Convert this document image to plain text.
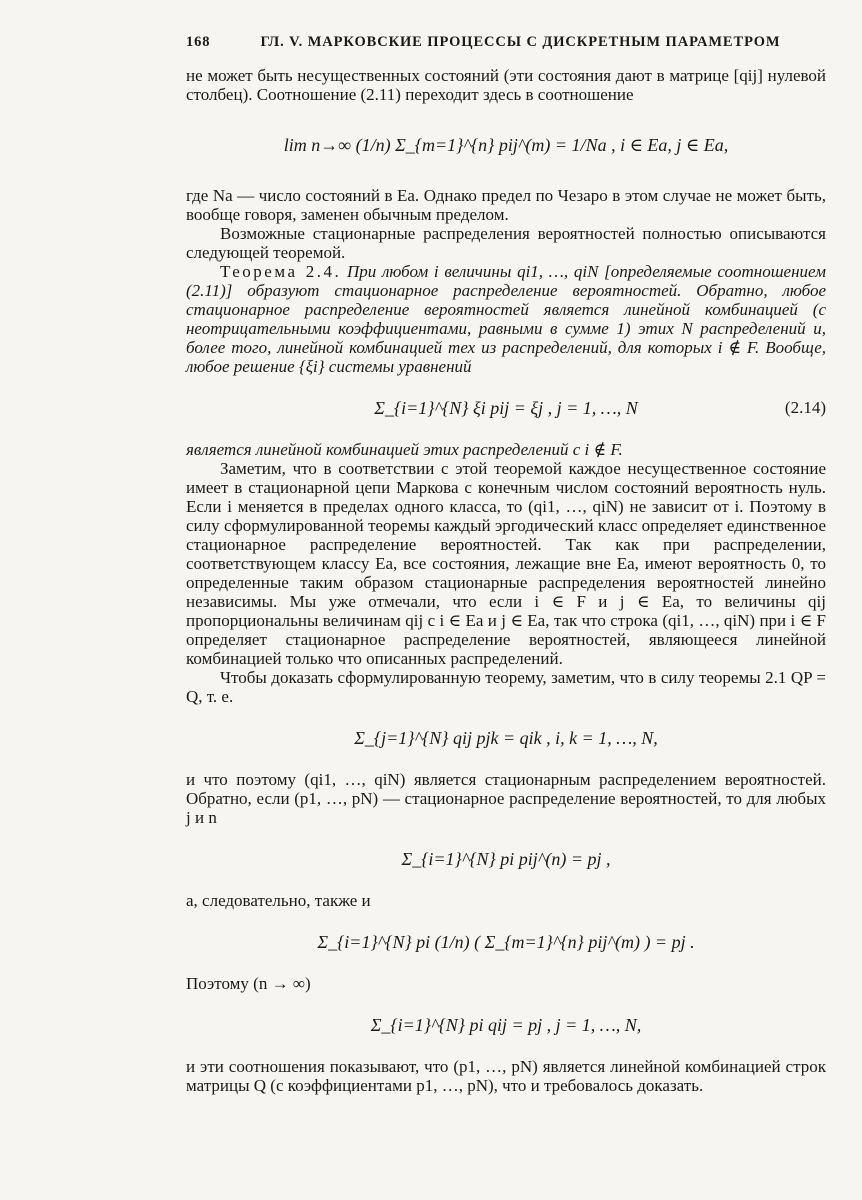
168	ГЛ. V. МАРКОВСКИЕ ПРОЦЕССЫ С ДИСКРЕТНЫМ ПАРАМЕТРОМ

не может быть несущественных состояний (эти состояния дают в матрице [qij] нулевой столбец). Соотношение (2.11) переходит здесь в соотношение

lim n→∞ (1/n) Σ_{m=1}^{n} pij^(m) = 1/Na , i ∈ Ea, j ∈ Ea,

где Na — число состояний в Ea. Однако предел по Чезаро в этом случае не может быть, вообще говоря, заменен обычным пределом.

Возможные стационарные распределения вероятностей полностью описываются следующей теоремой.

Теорема 2.4. При любом i величины qi1, …, qiN [определяемые соотношением (2.11)] образуют стационарное распределение вероятностей. Обратно, любое стационарное распределение вероятностей является линейной комбинацией (с неотрицательными коэффициентами, равными в сумме 1) этих N распределений и, более того, линейной комбинацией тех из распределений, для которых i ∉ F. Вообще, любое решение {ξi} системы уравнений

Σ_{i=1}^{N} ξi pij = ξj , j = 1, …, N	(2.14)

является линейной комбинацией этих распределений с i ∉ F.

Заметим, что в соответствии с этой теоремой каждое несущественное состояние имеет в стационарной цепи Маркова с конечным числом состояний вероятность нуль. Если i меняется в пределах одного класса, то (qi1, …, qiN) не зависит от i. Поэтому в силу сформулированной теоремы каждый эргодический класс определяет единственное стационарное распределение вероятностей. Так как при распределении, соответствующем классу Ea, все состояния, лежащие вне Ea, имеют вероятность 0, то определенные таким образом стационарные распределения вероятностей линейно независимы. Мы уже отмечали, что если i ∈ F и j ∈ Ea, то величины qij пропорциональны величинам qij c i ∈ Ea и j ∈ Ea, так что строка (qi1, …, qiN) при i ∈ F определяет стационарное распределение вероятностей, являющееся линейной комбинацией только что описанных распределений.

Чтобы доказать сформулированную теорему, заметим, что в силу теоремы 2.1 QP = Q, т. е.

Σ_{j=1}^{N} qij pjk = qik , i, k = 1, …, N,

и что поэтому (qi1, …, qiN) является стационарным распределением вероятностей. Обратно, если (p1, …, pN) — стационарное распределение вероятностей, то для любых j и n

Σ_{i=1}^{N} pi pij^(n) = pj ,

а, следовательно, также и

Σ_{i=1}^{N} pi (1/n) ( Σ_{m=1}^{n} pij^(m) ) = pj .

Поэтому (n → ∞)

Σ_{i=1}^{N} pi qij = pj , j = 1, …, N,

и эти соотношения показывают, что (p1, …, pN) является линейной комбинацией строк матрицы Q (с коэффициентами p1, …, pN), что и требовалось доказать.
